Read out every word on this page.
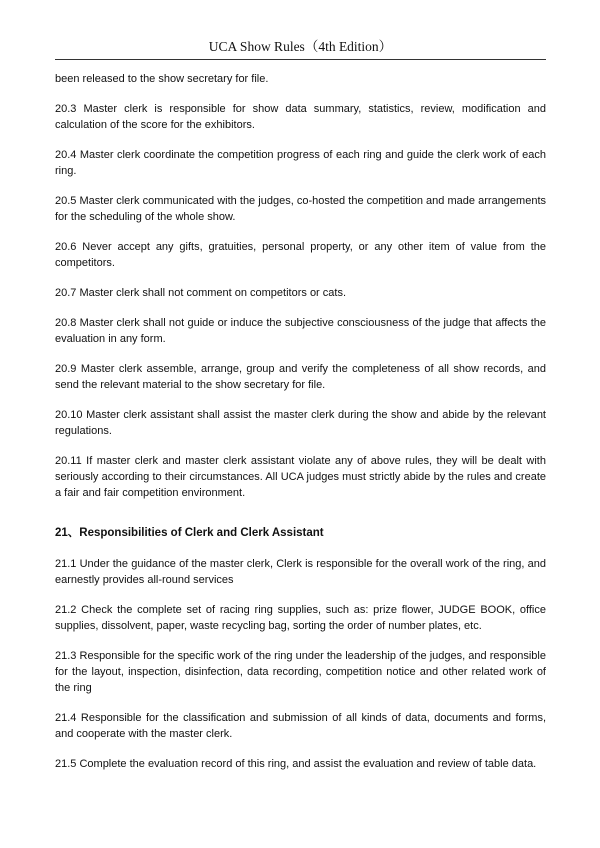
UCA Show Rules（4th Edition）

been released to the show secretary for file.

20.3 Master clerk is responsible for show data summary, statistics, review, modification and calculation of the score for the exhibitors.

20.4 Master clerk coordinate the competition progress of each ring and guide the clerk work of each ring.

20.5 Master clerk communicated with the judges, co-hosted the competition and made arrangements for the scheduling of the whole show.

20.6 Never accept any gifts, gratuities, personal property, or any other item of value from the competitors.

20.7 Master clerk shall not comment on competitors or cats.

20.8 Master clerk shall not guide or induce the subjective consciousness of the judge that affects the evaluation in any form.

20.9 Master clerk assemble, arrange, group and verify the completeness of all show records, and send the relevant material to the show secretary for file.

20.10 Master clerk assistant shall assist the master clerk during the show and abide by the relevant regulations.

20.11 If master clerk and master clerk assistant violate any of above rules, they will be dealt with seriously according to their circumstances. All UCA judges must strictly abide by the rules and create a fair and fair competition environment.

21、Responsibilities of Clerk and Clerk Assistant

21.1 Under the guidance of the master clerk, Clerk is responsible for the overall work of the ring, and earnestly provides all-round services

21.2 Check the complete set of racing ring supplies, such as: prize flower, JUDGE BOOK, office supplies, dissolvent, paper, waste recycling bag, sorting the order of number plates, etc.

21.3 Responsible for the specific work of the ring under the leadership of the judges, and responsible for the layout, inspection, disinfection, data recording, competition notice and other related work of the ring

21.4 Responsible for the classification and submission of all kinds of data, documents and forms, and cooperate with the master clerk.

21.5 Complete the evaluation record of this ring, and assist the evaluation and review of table data.
